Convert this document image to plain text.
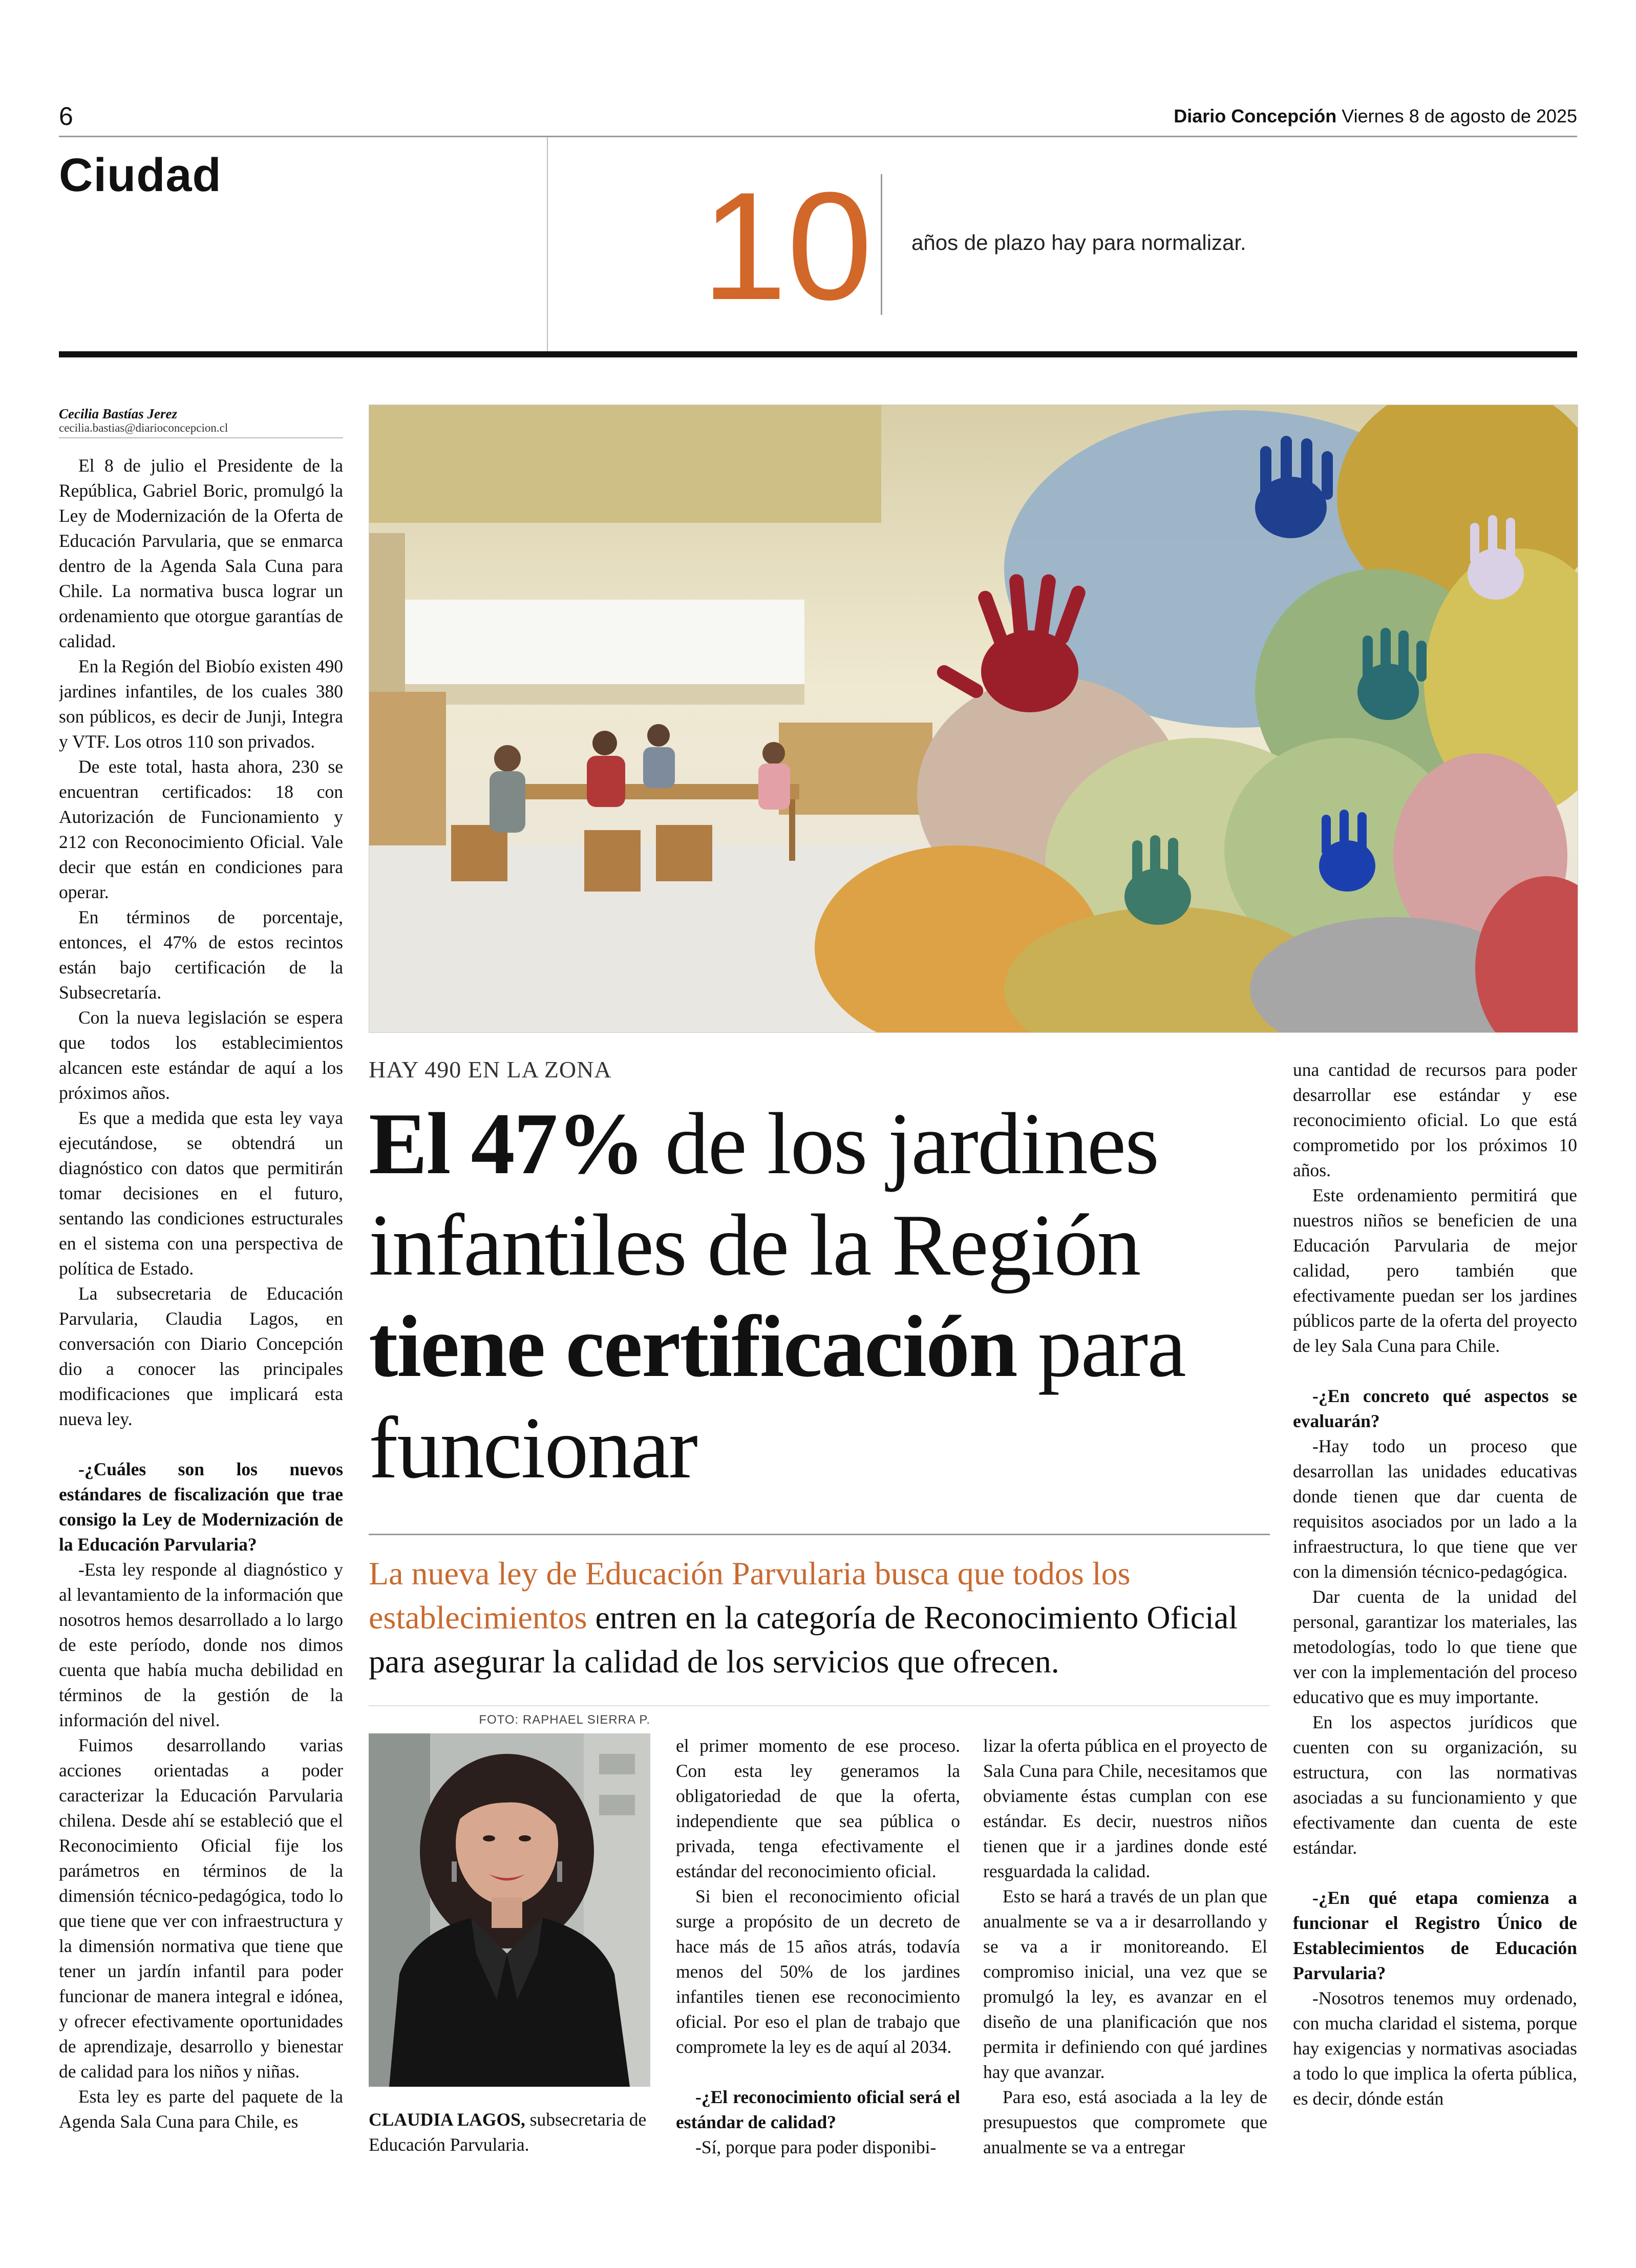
6	Diario Concepción Viernes 8 de agosto de 2025
Ciudad	10 años de plazo hay para normalizar.
Cecilia Bastías Jerez
cecilia.bastias@diarioconcepcion.cl

El 8 de julio el Presidente de la República, Gabriel Boric, promulgó la Ley de Modernización de la Oferta de Educación Parvularia, que se enmarca dentro de la Agenda Sala Cuna para Chile. La normativa busca lograr un ordenamiento que otorgue garantías de calidad.

En la Región del Biobío existen 490 jardines infantiles, de los cuales 380 son públicos, es decir de Junji, Integra y VTF. Los otros 110 son privados.

De este total, hasta ahora, 230 se encuentran certificados: 18 con Autorización de Funcionamiento y 212 con Reconocimiento Oficial. Vale decir que están en condiciones para operar.

En términos de porcentaje, entonces, el 47% de estos recintos están bajo certificación de la Subsecretaría.

Con la nueva legislación se espera que todos los establecimientos alcancen este estándar de aquí a los próximos años.

Es que a medida que esta ley vaya ejecutándose, se obtendrá un diagnóstico con datos que permitirán tomar decisiones en el futuro, sentando las condiciones estructurales en el sistema con una perspectiva de política de Estado.

La subsecretaria de Educación Parvularia, Claudia Lagos, en conversación con Diario Concepción dio a conocer las principales modificaciones que implicará esta nueva ley.

-¿Cuáles son los nuevos estándares de fiscalización que trae consigo la Ley de Modernización de la Educación Parvularia?

-Esta ley responde al diagnóstico y al levantamiento de la información que nosotros hemos desarrollado a lo largo de este período, donde nos dimos cuenta que había mucha debilidad en términos de la gestión de la información del nivel.

Fuimos desarrollando varias acciones orientadas a poder caracterizar la Educación Parvularia chilena. Desde ahí se estableció que el Reconocimiento Oficial fije los parámetros en términos de la dimensión técnico-pedagógica, todo lo que tiene que ver con infraestructura y la dimensión normativa que tiene que tener un jardín infantil para poder funcionar de manera integral e idónea, y ofrecer efectivamente oportunidades de aprendizaje, desarrollo y bienestar de calidad para los niños y niñas.

Esta ley es parte del paquete de la Agenda Sala Cuna para Chile, es

HAY 490 EN LA ZONA
El 47% de los jardines infantiles de la Región tiene certificación para funcionar
La nueva ley de Educación Parvularia busca que todos los establecimientos entren en la categoría de Reconocimiento Oficial para asegurar la calidad de los servicios que ofrecen.
FOTO: RAPHAEL SIERRA P.
CLAUDIA LAGOS, subsecretaria de Educación Parvularia.

el primer momento de ese proceso. Con esta ley generamos la obligatoriedad de que la oferta, independiente que sea pública o privada, tenga efectivamente el estándar del reconocimiento oficial.

Si bien el reconocimiento oficial surge a propósito de un decreto de hace más de 15 años atrás, todavía menos del 50% de los jardines infantiles tienen ese reconocimiento oficial. Por eso el plan de trabajo que compromete la ley es de aquí al 2034.

-¿El reconocimiento oficial será el estándar de calidad?

-Sí, porque para poder disponibi-

lizar la oferta pública en el proyecto de Sala Cuna para Chile, necesitamos que obviamente éstas cumplan con ese estándar. Es decir, nuestros niños tienen que ir a jardines donde esté resguardada la calidad.

Esto se hará a través de un plan que anualmente se va a ir desarrollando y se va a ir monitoreando. El compromiso inicial, una vez que se promulgó la ley, es avanzar en el diseño de una planificación que nos permita ir definiendo con qué jardines hay que avanzar.

Para eso, está asociada a la ley de presupuestos que compromete que anualmente se va a entregar

una cantidad de recursos para poder desarrollar ese estándar y ese reconocimiento oficial. Lo que está comprometido por los próximos 10 años.

Este ordenamiento permitirá que nuestros niños se beneficien de una Educación Parvularia de mejor calidad, pero también que efectivamente puedan ser los jardines públicos parte de la oferta del proyecto de ley Sala Cuna para Chile.

-¿En concreto qué aspectos se evaluarán?

-Hay todo un proceso que desarrollan las unidades educativas donde tienen que dar cuenta de requisitos asociados por un lado a la infraestructura, lo que tiene que ver con la dimensión técnico-pedagógica.

Dar cuenta de la unidad del personal, garantizar los materiales, las metodologías, todo lo que tiene que ver con la implementación del proceso educativo que es muy importante.

En los aspectos jurídicos que cuenten con su organización, su estructura, con las normativas asociadas a su funcionamiento y que efectivamente dan cuenta de este estándar.

-¿En qué etapa comienza a funcionar el Registro Único de Establecimientos de Educación Parvularia?

-Nosotros tenemos muy ordenado, con mucha claridad el sistema, porque hay exigencias y normativas asociadas a todo lo que implica la oferta pública, es decir, dónde están
